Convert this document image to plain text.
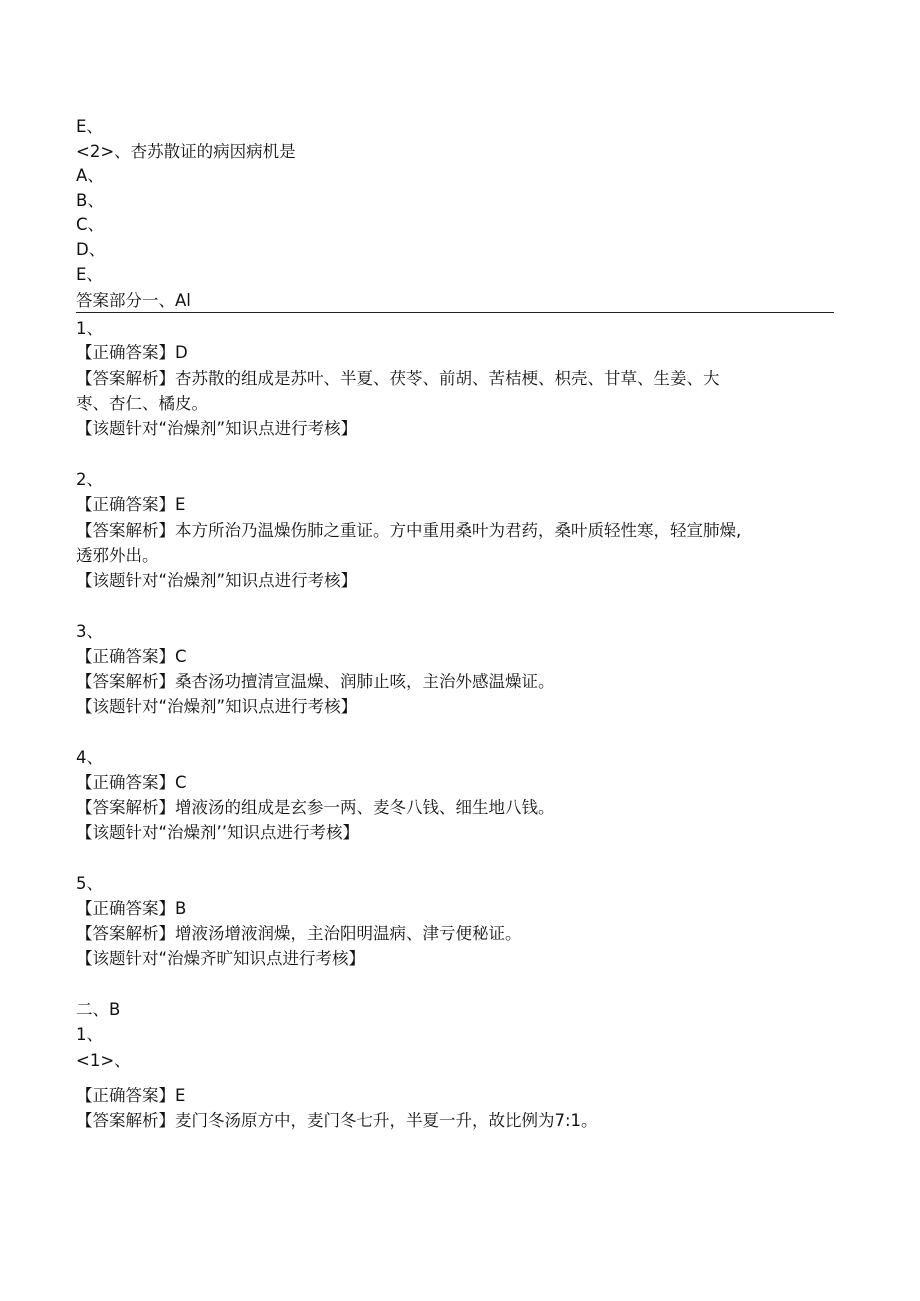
E、
<2>、杏苏散证的病因病机是
A、
B、
C、
D、
E、
答案部分一、Al
1、
【正确答案】D
【答案解析】杏苏散的组成是苏叶、半夏、茯苓、前胡、苦桔梗、枳壳、甘草、生姜、大
枣、杏仁、橘皮。
【该题针对“治燥剂”知识点进行考核】
2、
【正确答案】E
【答案解析】本方所治乃温燥伤肺之重证。方中重用桑叶为君药，桑叶质轻性寒，轻宣肺燥,
透邪外出。
【该题针对“治燥剂”知识点进行考核】
3、
【正确答案】C
【答案解析】桑杏汤功擅清宣温燥、润肺止咳，主治外感温燥证。
【该题针对“治燥剂”知识点进行考核】
4、
【正确答案】C
【答案解析】增液汤的组成是玄参一两、麦冬八钱、细生地八钱。
【该题针对“治燥剂’’知识点进行考核】
5、
【正确答案】B
【答案解析】增液汤增液润燥，主治阳明温病、津亏便秘证。
【该题针对“治燥齐旷知识点进行考核】
二、B
1、
<1>、
【正确答案】E
【答案解析】麦门冬汤原方中，麦门冬七升，半夏一升，故比例为7:1。
